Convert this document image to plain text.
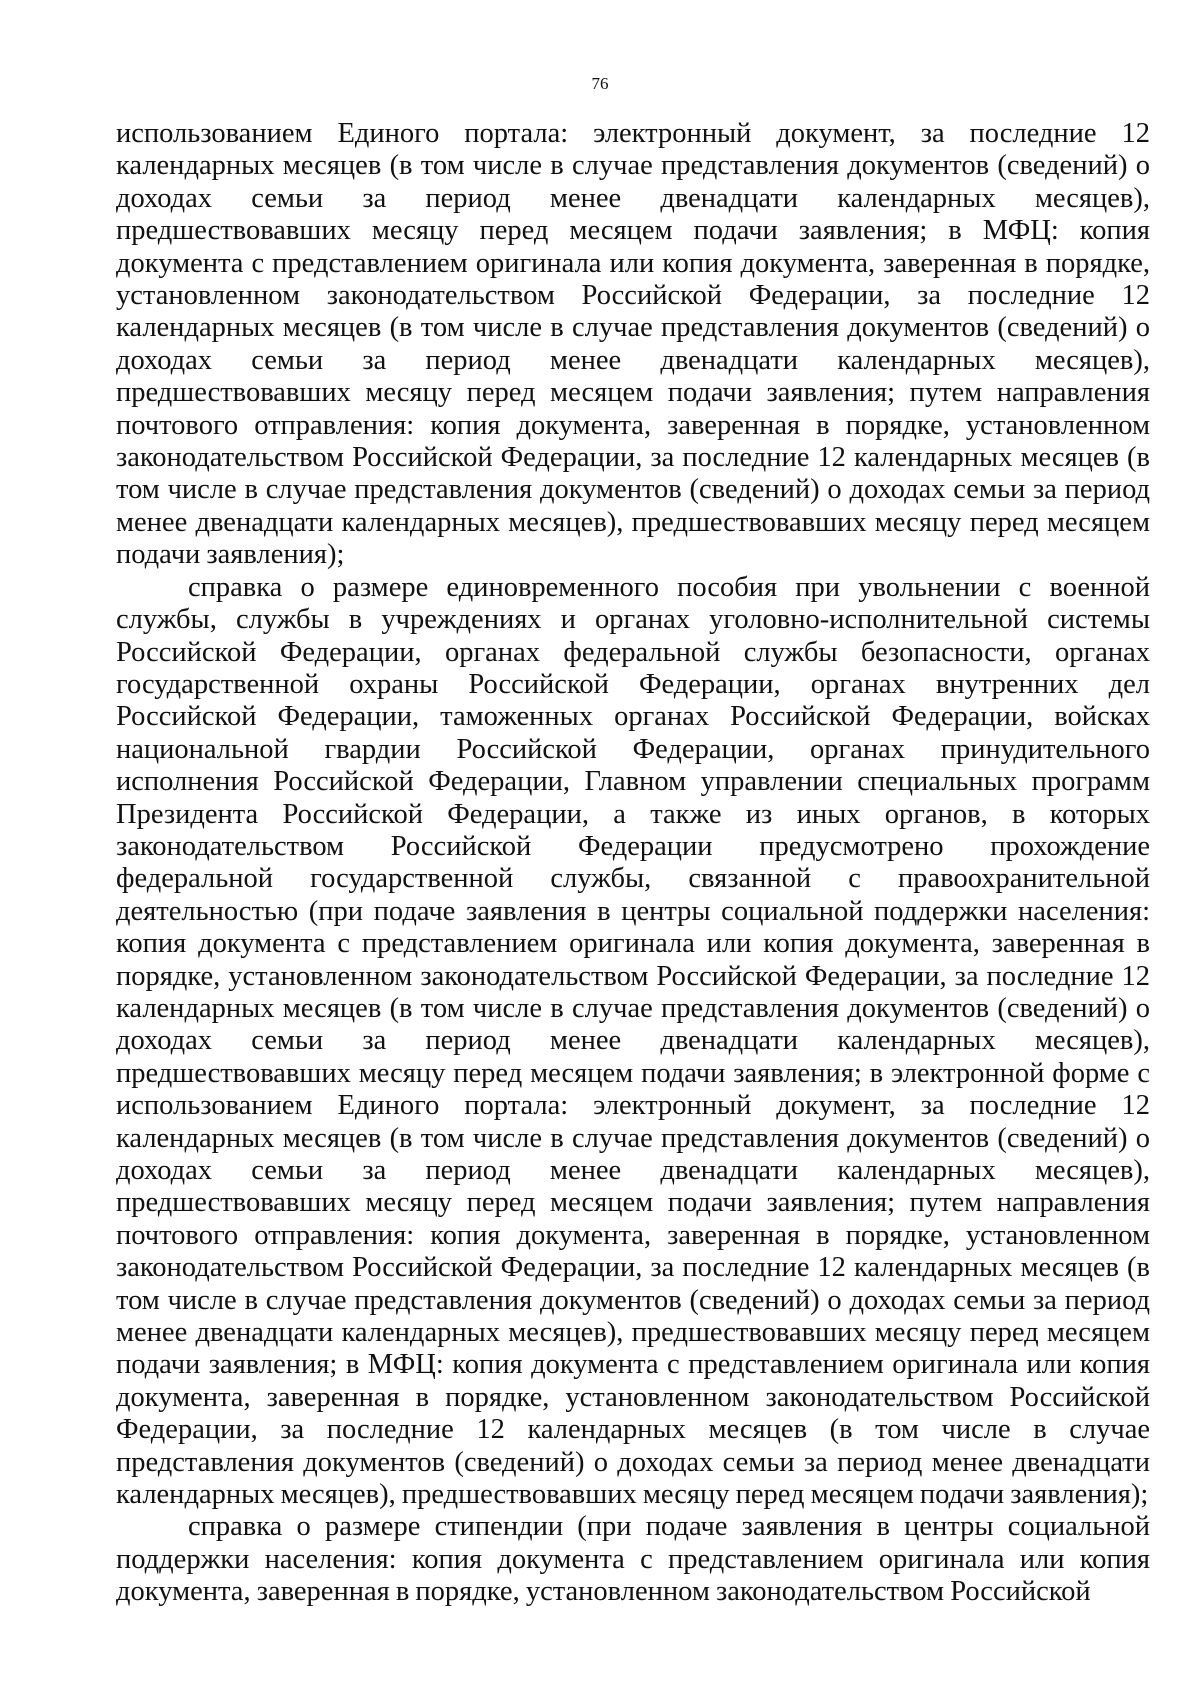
76

использованием Единого портала: электронный документ, за последние 12 календарных месяцев (в том числе в случае представления документов (сведений) о доходах семьи за период менее двенадцати календарных месяцев), предшествовавших месяцу перед месяцем подачи заявления; в МФЦ: копия документа с представлением оригинала или копия документа, заверенная в порядке, установленном законодательством Российской Федерации, за последние 12 календарных месяцев (в том числе в случае представления документов (сведений) о доходах семьи за период менее двенадцати календарных месяцев), предшествовавших месяцу перед месяцем подачи заявления; путем направления почтового отправления: копия документа, заверенная в порядке, установленном законодательством Российской Федерации, за последние 12 календарных месяцев (в том числе в случае представления документов (сведений) о доходах семьи за период менее двенадцати календарных месяцев), предшествовавших месяцу перед месяцем подачи заявления);

справка о размере единовременного пособия при увольнении с военной службы, службы в учреждениях и органах уголовно-исполнительной системы Российской Федерации, органах федеральной службы безопасности, органах государственной охраны Российской Федерации, органах внутренних дел Российской Федерации, таможенных органах Российской Федерации, войсках национальной гвардии Российской Федерации, органах принудительного исполнения Российской Федерации, Главном управлении специальных программ Президента Российской Федерации, а также из иных органов, в которых законодательством Российской Федерации предусмотрено прохождение федеральной государственной службы, связанной с правоохранительной деятельностью (при подаче заявления в центры социальной поддержки населения: копия документа с представлением оригинала или копия документа, заверенная в порядке, установленном законодательством Российской Федерации, за последние 12 календарных месяцев (в том числе в случае представления документов (сведений) о доходах семьи за период менее двенадцати календарных месяцев), предшествовавших месяцу перед месяцем подачи заявления; в электронной форме с использованием Единого портала: электронный документ, за последние 12 календарных месяцев (в том числе в случае представления документов (сведений) о доходах семьи за период менее двенадцати календарных месяцев), предшествовавших месяцу перед месяцем подачи заявления; путем направления почтового отправления: копия документа, заверенная в порядке, установленном законодательством Российской Федерации, за последние 12 календарных месяцев (в том числе в случае представления документов (сведений) о доходах семьи за период менее двенадцати календарных месяцев), предшествовавших месяцу перед месяцем подачи заявления; в МФЦ: копия документа с представлением оригинала или копия документа, заверенная в порядке, установленном законодательством Российской Федерации, за последние 12 календарных месяцев (в том числе в случае представления документов (сведений) о доходах семьи за период менее двенадцати календарных месяцев), предшествовавших месяцу перед месяцем подачи заявления);

справка о размере стипендии (при подаче заявления в центры социальной поддержки населения: копия документа с представлением оригинала или копия документа, заверенная в порядке, установленном законодательством Российской
